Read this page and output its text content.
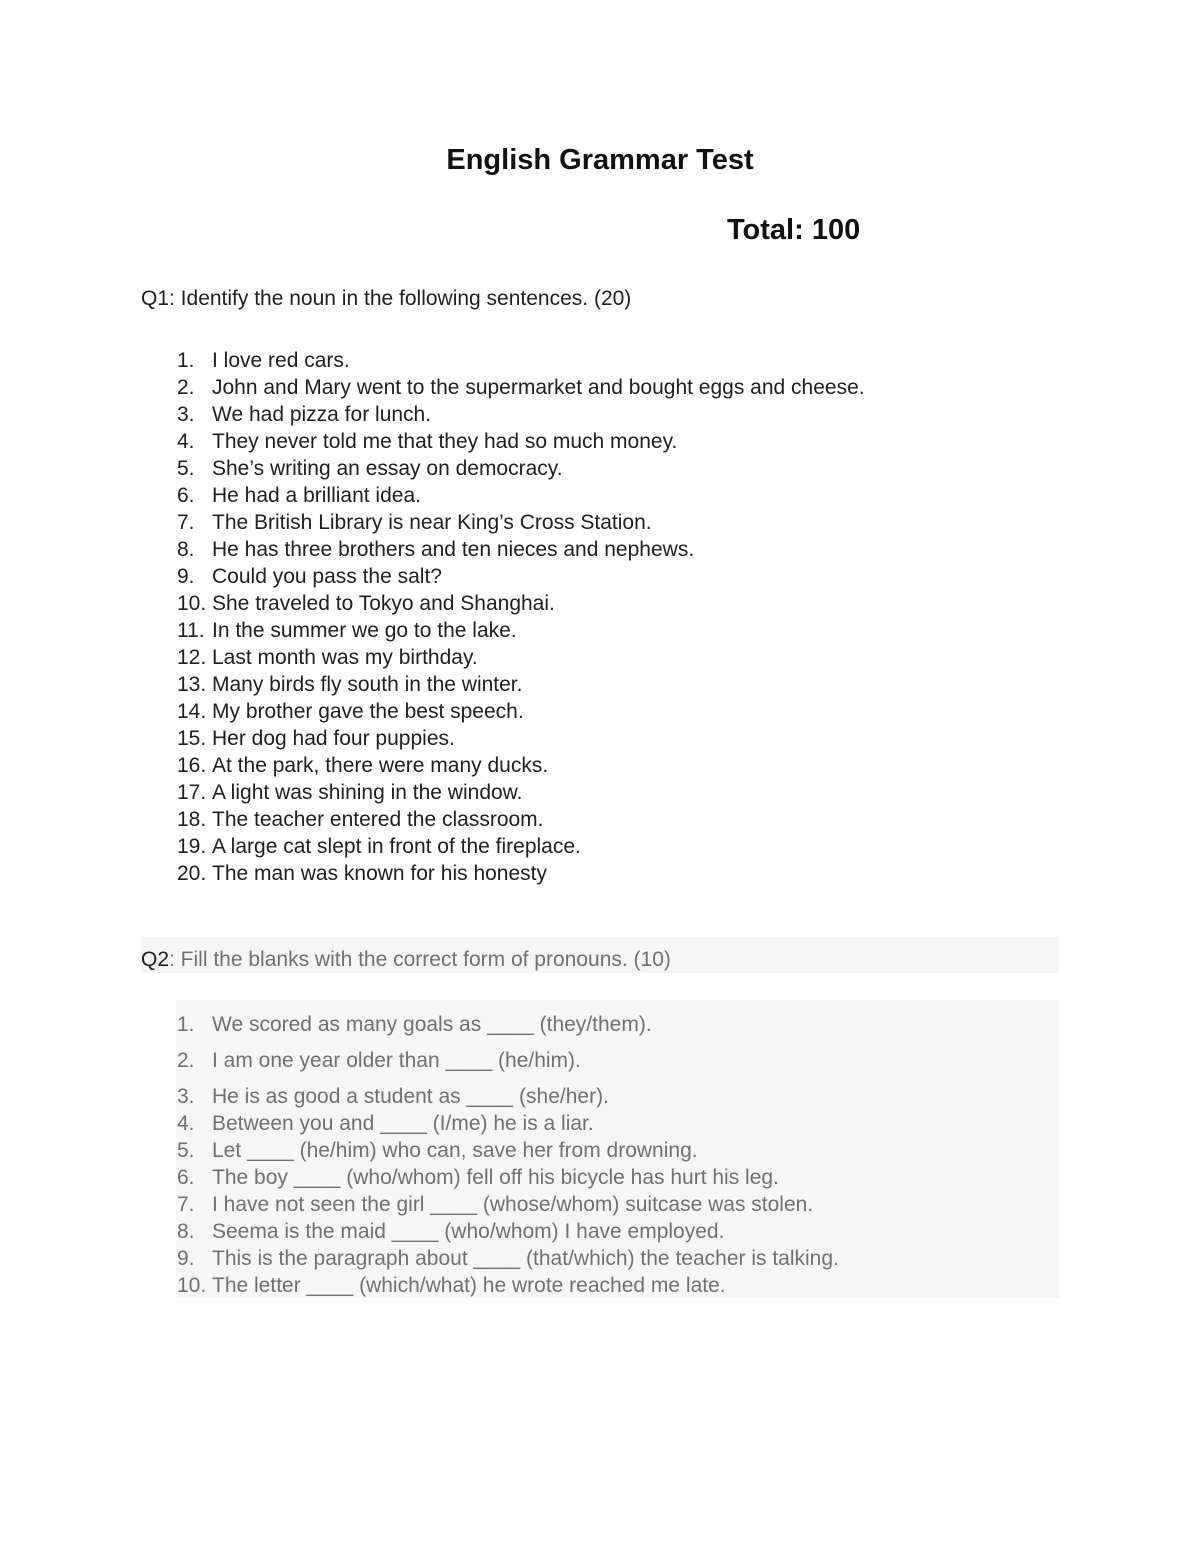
English Grammar Test
Total: 100
Q1: Identify the noun in the following sentences. (20)
1. I love red cars.
2. John and Mary went to the supermarket and bought eggs and cheese.
3. We had pizza for lunch.
4. They never told me that they had so much money.
5. She’s writing an essay on democracy.
6. He had a brilliant idea.
7. The British Library is near King’s Cross Station.
8. He has three brothers and ten nieces and nephews.
9. Could you pass the salt?
10. She traveled to Tokyo and Shanghai.
11. In the summer we go to the lake.
12. Last month was my birthday.
13. Many birds fly south in the winter.
14. My brother gave the best speech.
15. Her dog had four puppies.
16. At the park, there were many ducks.
17. A light was shining in the window.
18. The teacher entered the classroom.
19. A large cat slept in front of the fireplace.
20. The man was known for his honesty
Q2: Fill the blanks with the correct form of pronouns. (10)
1. We scored as many goals as ____ (they/them).
2. I am one year older than ____ (he/him).
3. He is as good a student as ____ (she/her).
4. Between you and ____ (I/me) he is a liar.
5. Let ____ (he/him) who can, save her from drowning.
6. The boy ____ (who/whom) fell off his bicycle has hurt his leg.
7. I have not seen the girl ____ (whose/whom) suitcase was stolen.
8. Seema is the maid ____ (who/whom) I have employed.
9. This is the paragraph about ____ (that/which) the teacher is talking.
10. The letter ____ (which/what) he wrote reached me late.
